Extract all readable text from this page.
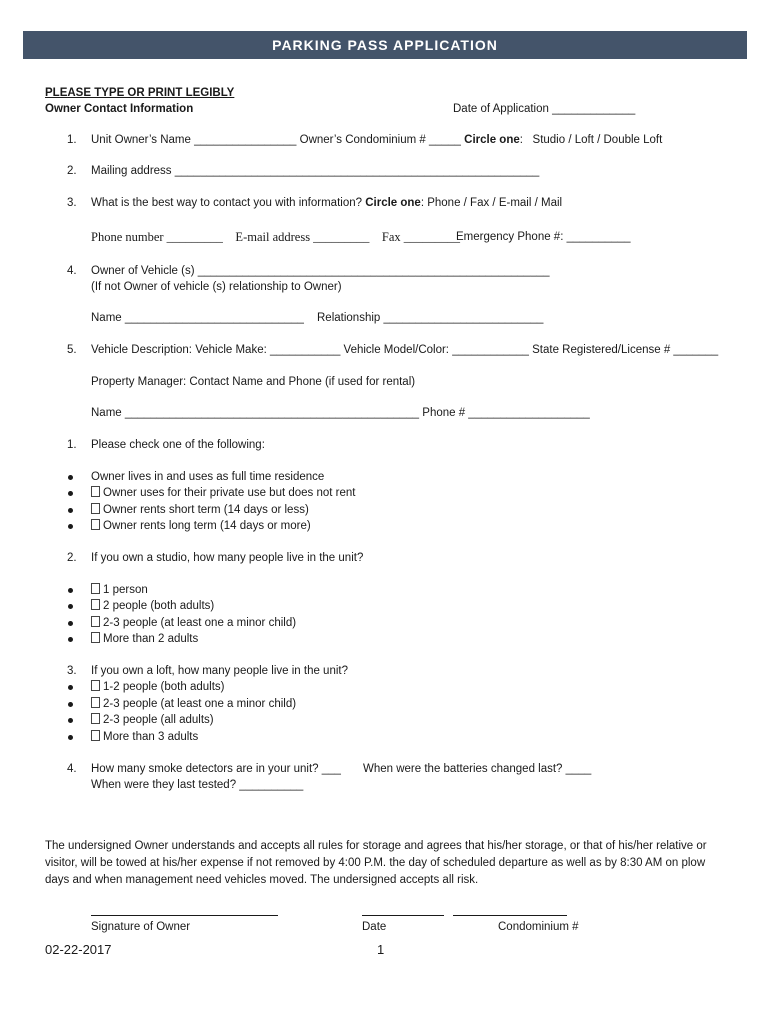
PARKING PASS APPLICATION
PLEASE TYPE OR PRINT LEGIBLY
Owner Contact Information	Date of Application _____________
1. Unit Owner’s Name ________________ Owner’s Condominium # _____ Circle one:   Studio / Loft / Double Loft
2. Mailing address _________________________________________________________
3. What is the best way to contact you with information? Circle one: Phone / Fax / E-mail / Mail
Phone number _________    E-mail address _________    Fax _________
Emergency Phone #: __________
4. Owner of Vehicle (s) _______________________________________________________
(If not Owner of vehicle (s) relationship to Owner)
Name ____________________________ Relationship _________________________
5. Vehicle Description: Vehicle Make: ___________ Vehicle Model/Color: ____________ State Registered/License # _______
Property Manager: Contact Name and Phone (if used for rental)
Name ______________________________________________ Phone # ___________________
1. Please check one of the following:
Owner lives in and uses as full time residence
Owner uses for their private use but does not rent
Owner rents short term (14 days or less)
Owner rents long term (14 days or more)
2. If you own a studio, how many people live in the unit?
1 person
2 people (both adults)
2-3 people (at least one a minor child)
More than 2 adults
3. If you own a loft, how many people live in the unit?
1-2 people (both adults)
2-3 people (at least one a minor child)
2-3 people (all adults)
More than 3 adults
4. How many smoke detectors are in your unit? ___ When were the batteries changed last? ____
When were they last tested? __________
The undersigned Owner understands and accepts all rules for storage and agrees that his/her storage, or that of his/her relative or
visitor, will be towed at his/her expense if not removed by 4:00 P.M. the day of scheduled departure as well as by 8:30 AM on plow
days and when management need vehicles moved. The undersigned accepts all risk.
Signature of Owner	Date	Condominium #
02-22-2017	1
